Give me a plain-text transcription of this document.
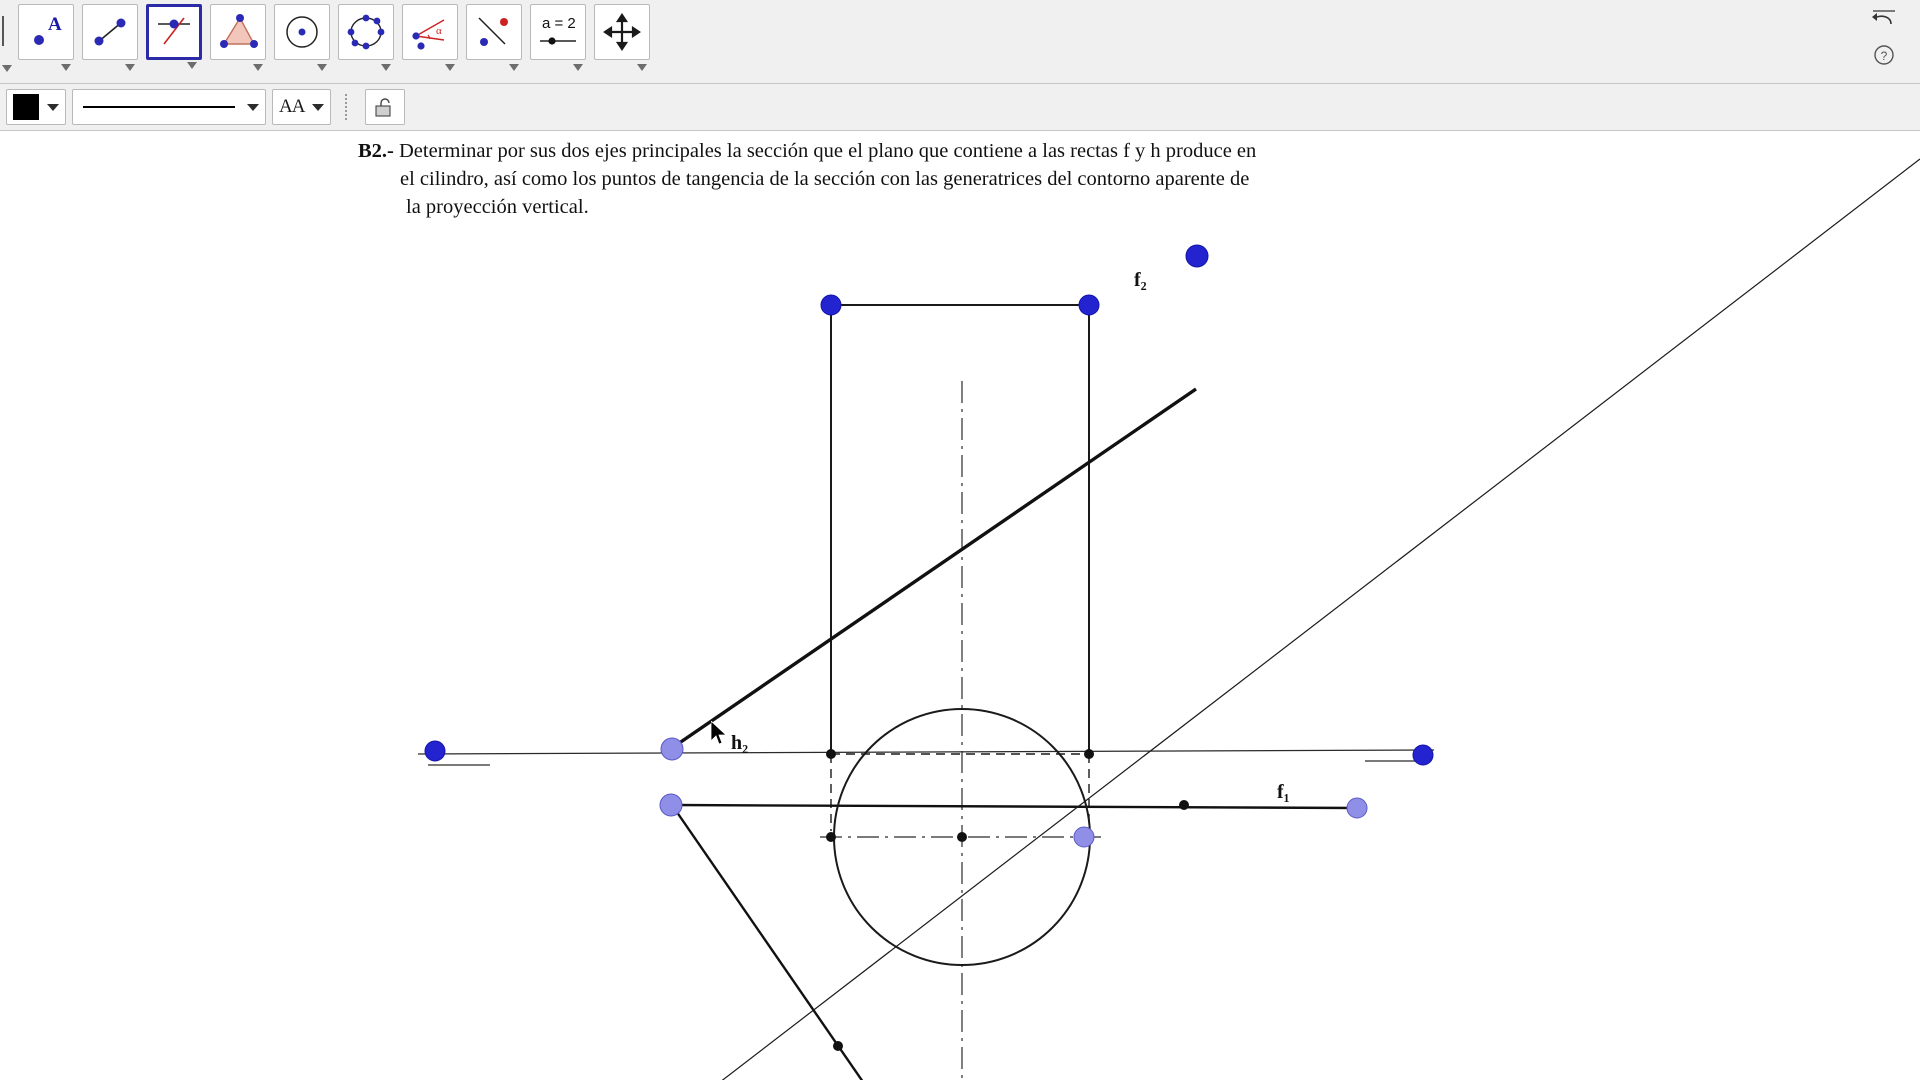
A	α	a = 2
?
AA
B2.- Determinar por sus dos ejes principales la sección que el plano que contiene a las rectas f y h produce en
el cilindro, así como los puntos de tangencia de la sección con las generatrices del contorno aparente de
la proyección vertical.
f₂
f₁
h₂
